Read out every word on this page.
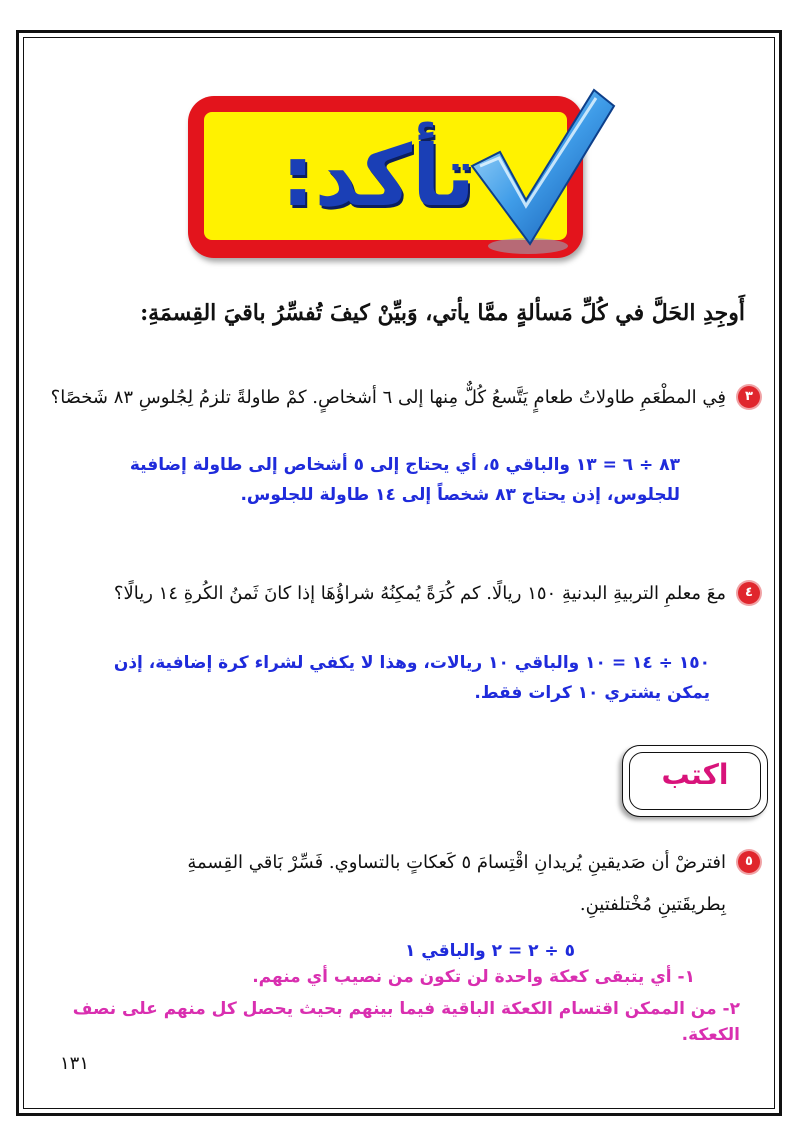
تأكد:
أَوجِدِ الحَلَّ في كُلِّ مَسألةٍ ممَّا يأتي، وَبيِّنْ كيفَ تُفسِّرُ باقيَ القِسمَةِ:
٣
فِي المطْعَمِ طاولاتُ طعامٍ يَتَّسعُ كُلٌّ مِنها إلى ٦ أشخاصٍ. كمْ طاولةً تلزمُ لِجُلوسِ ٨٣ شَخصًا؟
٨٣ ÷ ٦ = ١٣ والباقي ٥، أي يحتاج إلى ٥ أشخاص إلى طاولة إضافية
للجلوس، إذن يحتاج ٨٣ شخصاً إلى ١٤ طاولة للجلوس.
٤
معَ معلمِ التربيةِ البدنيةِ ١٥٠ ريالًا. كم كُرَةً يُمكِنُهُ شراؤُهَا إذا كانَ ثَمنُ الكُرةِ ١٤ ريالًا؟
١٥٠ ÷ ١٤ = ١٠ والباقي ١٠ ريالات، وهذا لا يكفي لشراء كرة إضافية، إذن
يمكن يشتري ١٠ كرات فقط.
اكتب
٥
افترضْ أن صَديقينِ يُريدانِ اقْتِسامَ ٥ كَعكاتٍ بالتساوي. فَسِّرْ بَاقي القِسمةِ
بِطريقَتينِ مُخْتلفتينِ.
٥ ÷ ٢ = ٢ والباقي ١
١- أي يتبقى كعكة واحدة لن تكون من نصيب أي منهم.
٢- من الممكن اقتسام الكعكة الباقية فيما بينهم بحيث يحصل كل منهم على نصف
الكعكة.
١٣١
